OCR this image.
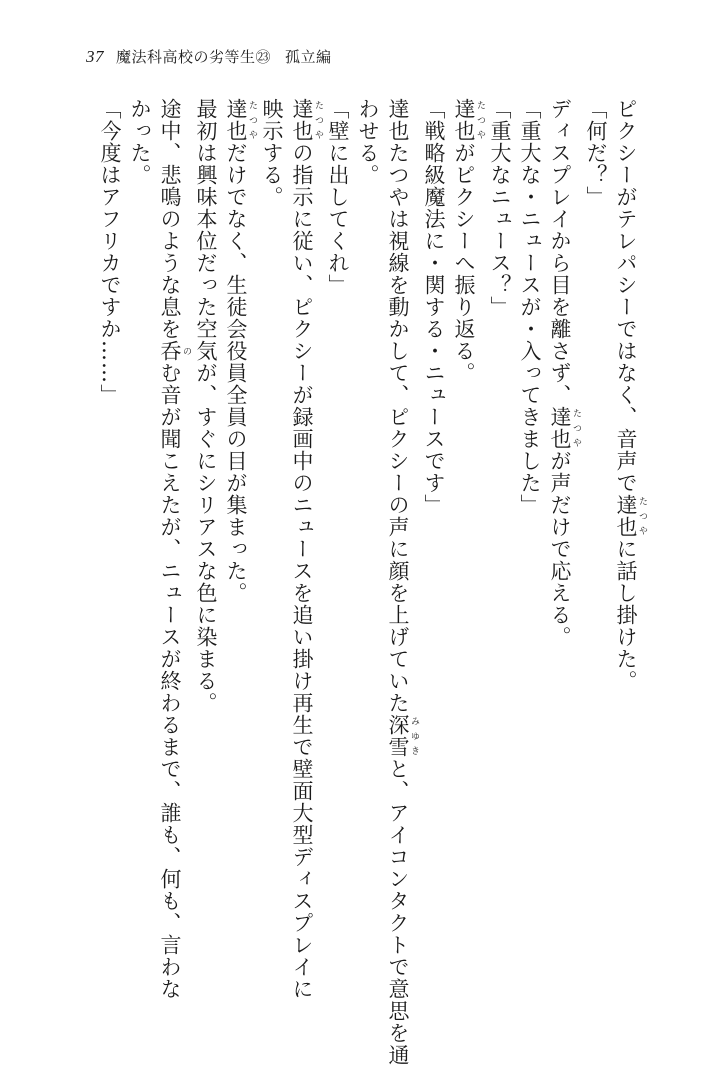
37 魔法科高校の劣等生㉓ 孤立編
ピクシーがテレパシーではなく、音声で達也 たつやに話し掛けた。
「何だ？」
ディスプレイから目を離さず、達也 たつやが声だけで応える。
「重大な・ニュースが・入ってきました」
「重大なニュース？」
達也 たつやがピクシーへ振り返る。
「戦略級魔法に・関する・ニュースです」
達也たつやは視線を動かして、ピクシーの声に顔を上げていた深雪 みゆきと、アイコンタクトで意思を通
わせる。
「壁に出してくれ」
達也 たつやの指示に従い、ピクシーが録画中のニュースを追い掛け再生で壁面大型ディスプレイに
映示する。
達也 たつやだけでなく、生徒会役員全員の目が集まった。
最初は興味本位だった空気が、すぐにシリアスな色に染まる。
途中、悲鳴のような息を呑 のむ音が聞こえたが、ニュースが終わるまで、誰も、何も、言わな
かった。
「今度はアフリカですか……」
